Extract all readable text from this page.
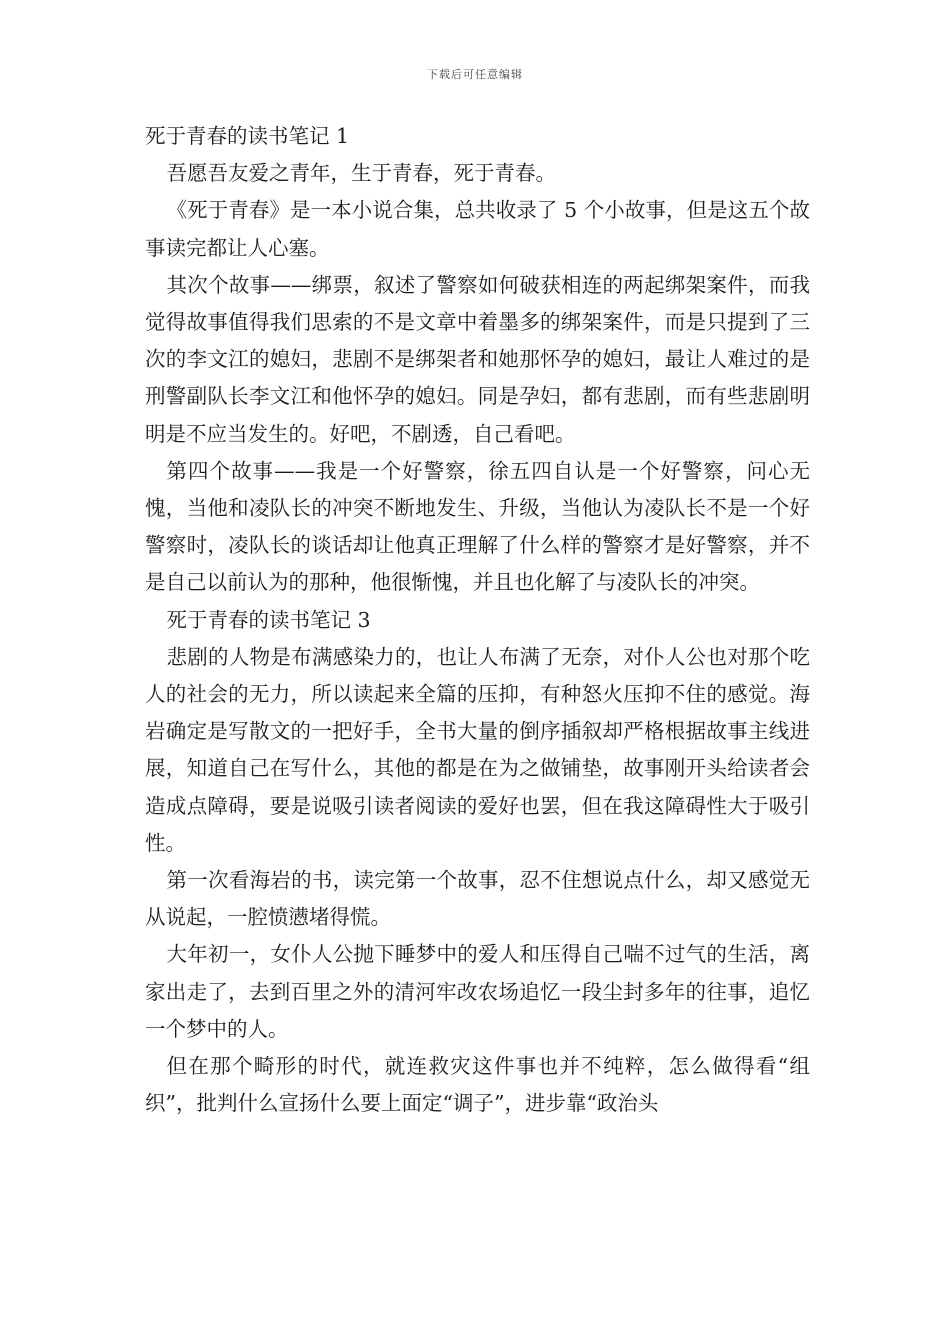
下载后可任意编辑

死于青春的读书笔记 1

吾愿吾友爱之青年，生于青春，死于青春。

《死于青春》是一本小说合集，总共收录了 5 个小故事，但是这五个故事读完都让人心塞。

其次个故事——绑票，叙述了警察如何破获相连的两起绑架案件，而我觉得故事值得我们思索的不是文章中着墨多的绑架案件，而是只提到了三次的李文江的媳妇，悲剧不是绑架者和她那怀孕的媳妇，最让人难过的是刑警副队长李文江和他怀孕的媳妇。同是孕妇，都有悲剧，而有些悲剧明明是不应当发生的。好吧，不剧透，自己看吧。

第四个故事——我是一个好警察，徐五四自认是一个好警察，问心无愧，当他和凌队长的冲突不断地发生、升级，当他认为凌队长不是一个好警察时，凌队长的谈话却让他真正理解了什么样的警察才是好警察，并不是自己以前认为的那种，他很惭愧，并且也化解了与凌队长的冲突。

死于青春的读书笔记 3

悲剧的人物是布满感染力的，也让人布满了无奈，对仆人公也对那个吃人的社会的无力，所以读起来全篇的压抑，有种怒火压抑不住的感觉。海岩确定是写散文的一把好手，全书大量的倒序插叙却严格根据故事主线进展，知道自己在写什么，其他的都是在为之做铺垫，故事刚开头给读者会造成点障碍，要是说吸引读者阅读的爱好也罢，但在我这障碍性大于吸引性。

第一次看海岩的书，读完第一个故事，忍不住想说点什么，却又感觉无从说起，一腔愤懑堵得慌。

大年初一，女仆人公抛下睡梦中的爱人和压得自己喘不过气的生活，离家出走了，去到百里之外的清河牢改农场追忆一段尘封多年的往事，追忆一个梦中的人。

但在那个畸形的时代，就连救灾这件事也并不纯粹，怎么做得看“组织”，批判什么宣扬什么要上面定“调子”，进步靠“政治头
